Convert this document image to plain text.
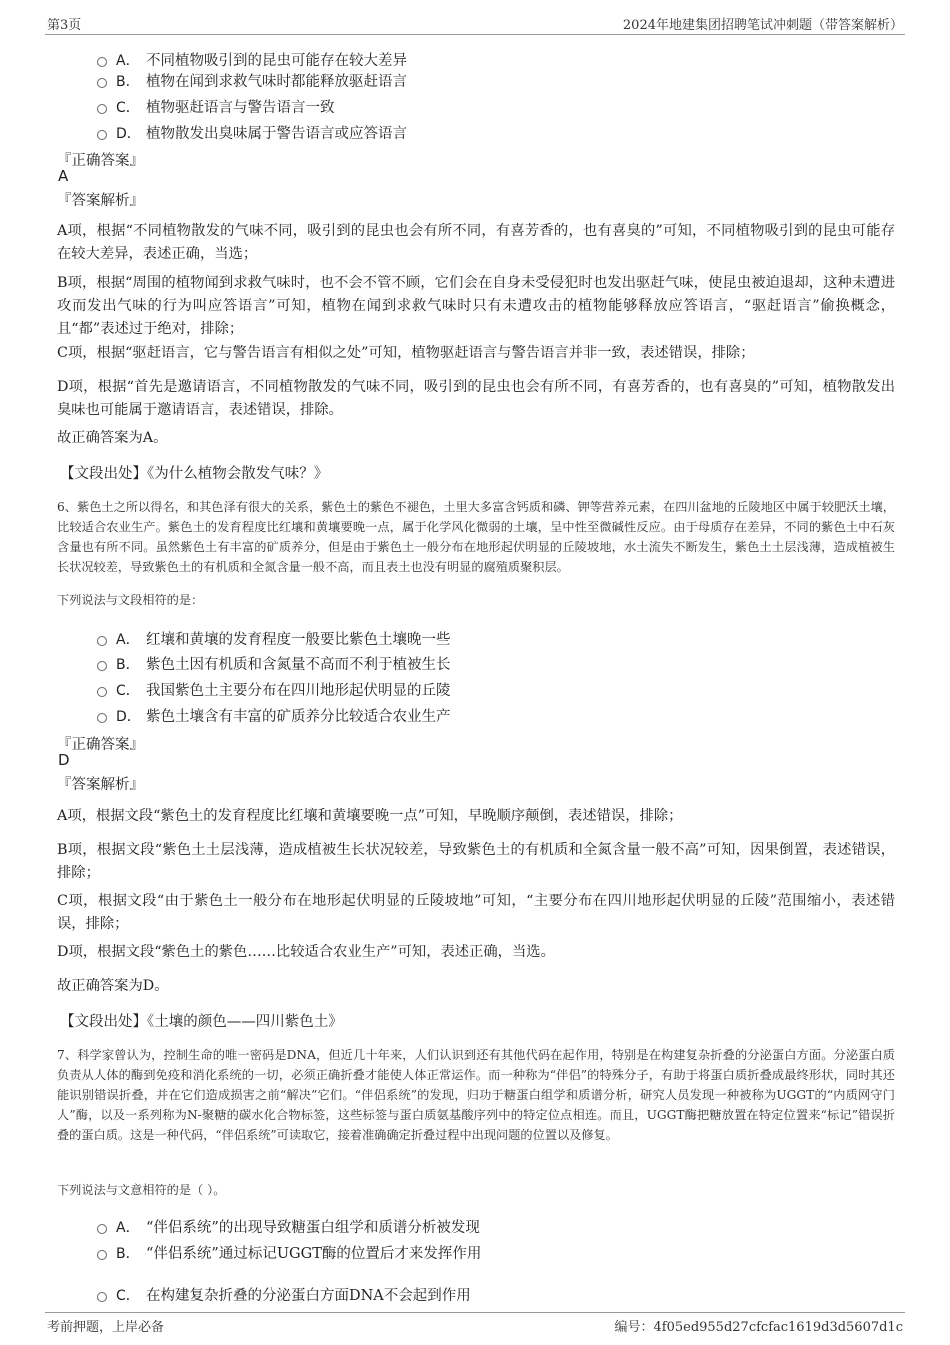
第3页	2024年地建集团招聘笔试冲刺题（带答案解析）
A． 不同植物吸引到的昆虫可能存在较大差异
B． 植物在闻到求救气味时都能释放驱赶语言
C． 植物驱赶语言与警告语言一致
D． 植物散发出臭味属于警告语言或应答语言
『正确答案』
A
『答案解析』
A项，根据“不同植物散发的气味不同，吸引到的昆虫也会有所不同，有喜芳香的，也有喜臭的”可知，不同植物吸引到的昆虫可能存在较大差异，表述正确，当选；
B项，根据“周围的植物闻到求救气味时，也不会不管不顾，它们会在自身未受侵犯时也发出驱赶气味，使昆虫被迫退却，这种未遭进攻而发出气味的行为叫应答语言”可知，植物在闻到求救气味时只有未遭攻击的植物能够释放应答语言，“驱赶语言”偷换概念，且“都”表述过于绝对，排除；
C项，根据“驱赶语言，它与警告语言有相似之处”可知，植物驱赶语言与警告语言并非一致，表述错误，排除；
D项，根据“首先是邀请语言，不同植物散发的气味不同，吸引到的昆虫也会有所不同，有喜芳香的，也有喜臭的”可知，植物散发出臭味也可能属于邀请语言，表述错误，排除。
故正确答案为A。
【文段出处】《为什么植物会散发气味？》
6、紫色土之所以得名，和其色泽有很大的关系，紫色土的紫色不褪色，土里大多富含钙质和磷、钾等营养元素，在四川盆地的丘陵地区中属于较肥沃土壤，比较适合农业生产。紫色土的发育程度比红壤和黄壤要晚一点，属于化学风化微弱的土壤，呈中性至微碱性反应。由于母质存在差异，不同的紫色土中石灰含量也有所不同。虽然紫色土有丰富的矿质养分，但是由于紫色土一般分布在地形起伏明显的丘陵坡地，水土流失不断发生，紫色土土层浅薄，造成植被生长状况较差，导致紫色土的有机质和全氮含量一般不高，而且表土也没有明显的腐殖质聚积层。
下列说法与文段相符的是：
A． 红壤和黄壤的发育程度一般要比紫色土壤晚一些
B． 紫色土因有机质和含氮量不高而不利于植被生长
C． 我国紫色土主要分布在四川地形起伏明显的丘陵
D． 紫色土壤含有丰富的矿质养分比较适合农业生产
『正确答案』
D
『答案解析』
A项，根据文段“紫色土的发育程度比红壤和黄壤要晚一点”可知，早晚顺序颠倒，表述错误，排除；
B项，根据文段“紫色土土层浅薄，造成植被生长状况较差，导致紫色土的有机质和全氮含量一般不高”可知，因果倒置，表述错误，排除；
C项，根据文段“由于紫色土一般分布在地形起伏明显的丘陵坡地”可知，“主要分布在四川地形起伏明显的丘陵”范围缩小，表述错误，排除；
D项，根据文段“紫色土的紫色……比较适合农业生产”可知，表述正确，当选。
故正确答案为D。
【文段出处】《土壤的颜色——四川紫色土》
7、科学家曾认为，控制生命的唯一密码是DNA，但近几十年来，人们认识到还有其他代码在起作用，特别是在构建复杂折叠的分泌蛋白方面。分泌蛋白质负责从人体的酶到免疫和消化系统的一切，必须正确折叠才能使人体正常运作。而一种称为“伴侣”的特殊分子，有助于将蛋白质折叠成最终形状，同时其还能识别错误折叠，并在它们造成损害之前“解决”它们。“伴侣系统”的发现，归功于糖蛋白组学和质谱分析，研究人员发现一种被称为UGGT的“内质网守门人”酶，以及一系列称为N-聚糖的碳水化合物标签，这些标签与蛋白质氨基酸序列中的特定位点相连。而且，UGGT酶把糖放置在特定位置来“标记”错误折叠的蛋白质。这是一种代码，“伴侣系统”可读取它，接着准确确定折叠过程中出现问题的位置以及修复。
下列说法与文意相符的是（ ）。
A． “伴侣系统”的出现导致糖蛋白组学和质谱分析被发现
B． “伴侣系统”通过标记UGGT酶的位置后才来发挥作用
C． 在构建复杂折叠的分泌蛋白方面DNA不会起到作用
考前押题，上岸必备	编号：4f05ed955d27cfcfac1619d3d5607d1c
